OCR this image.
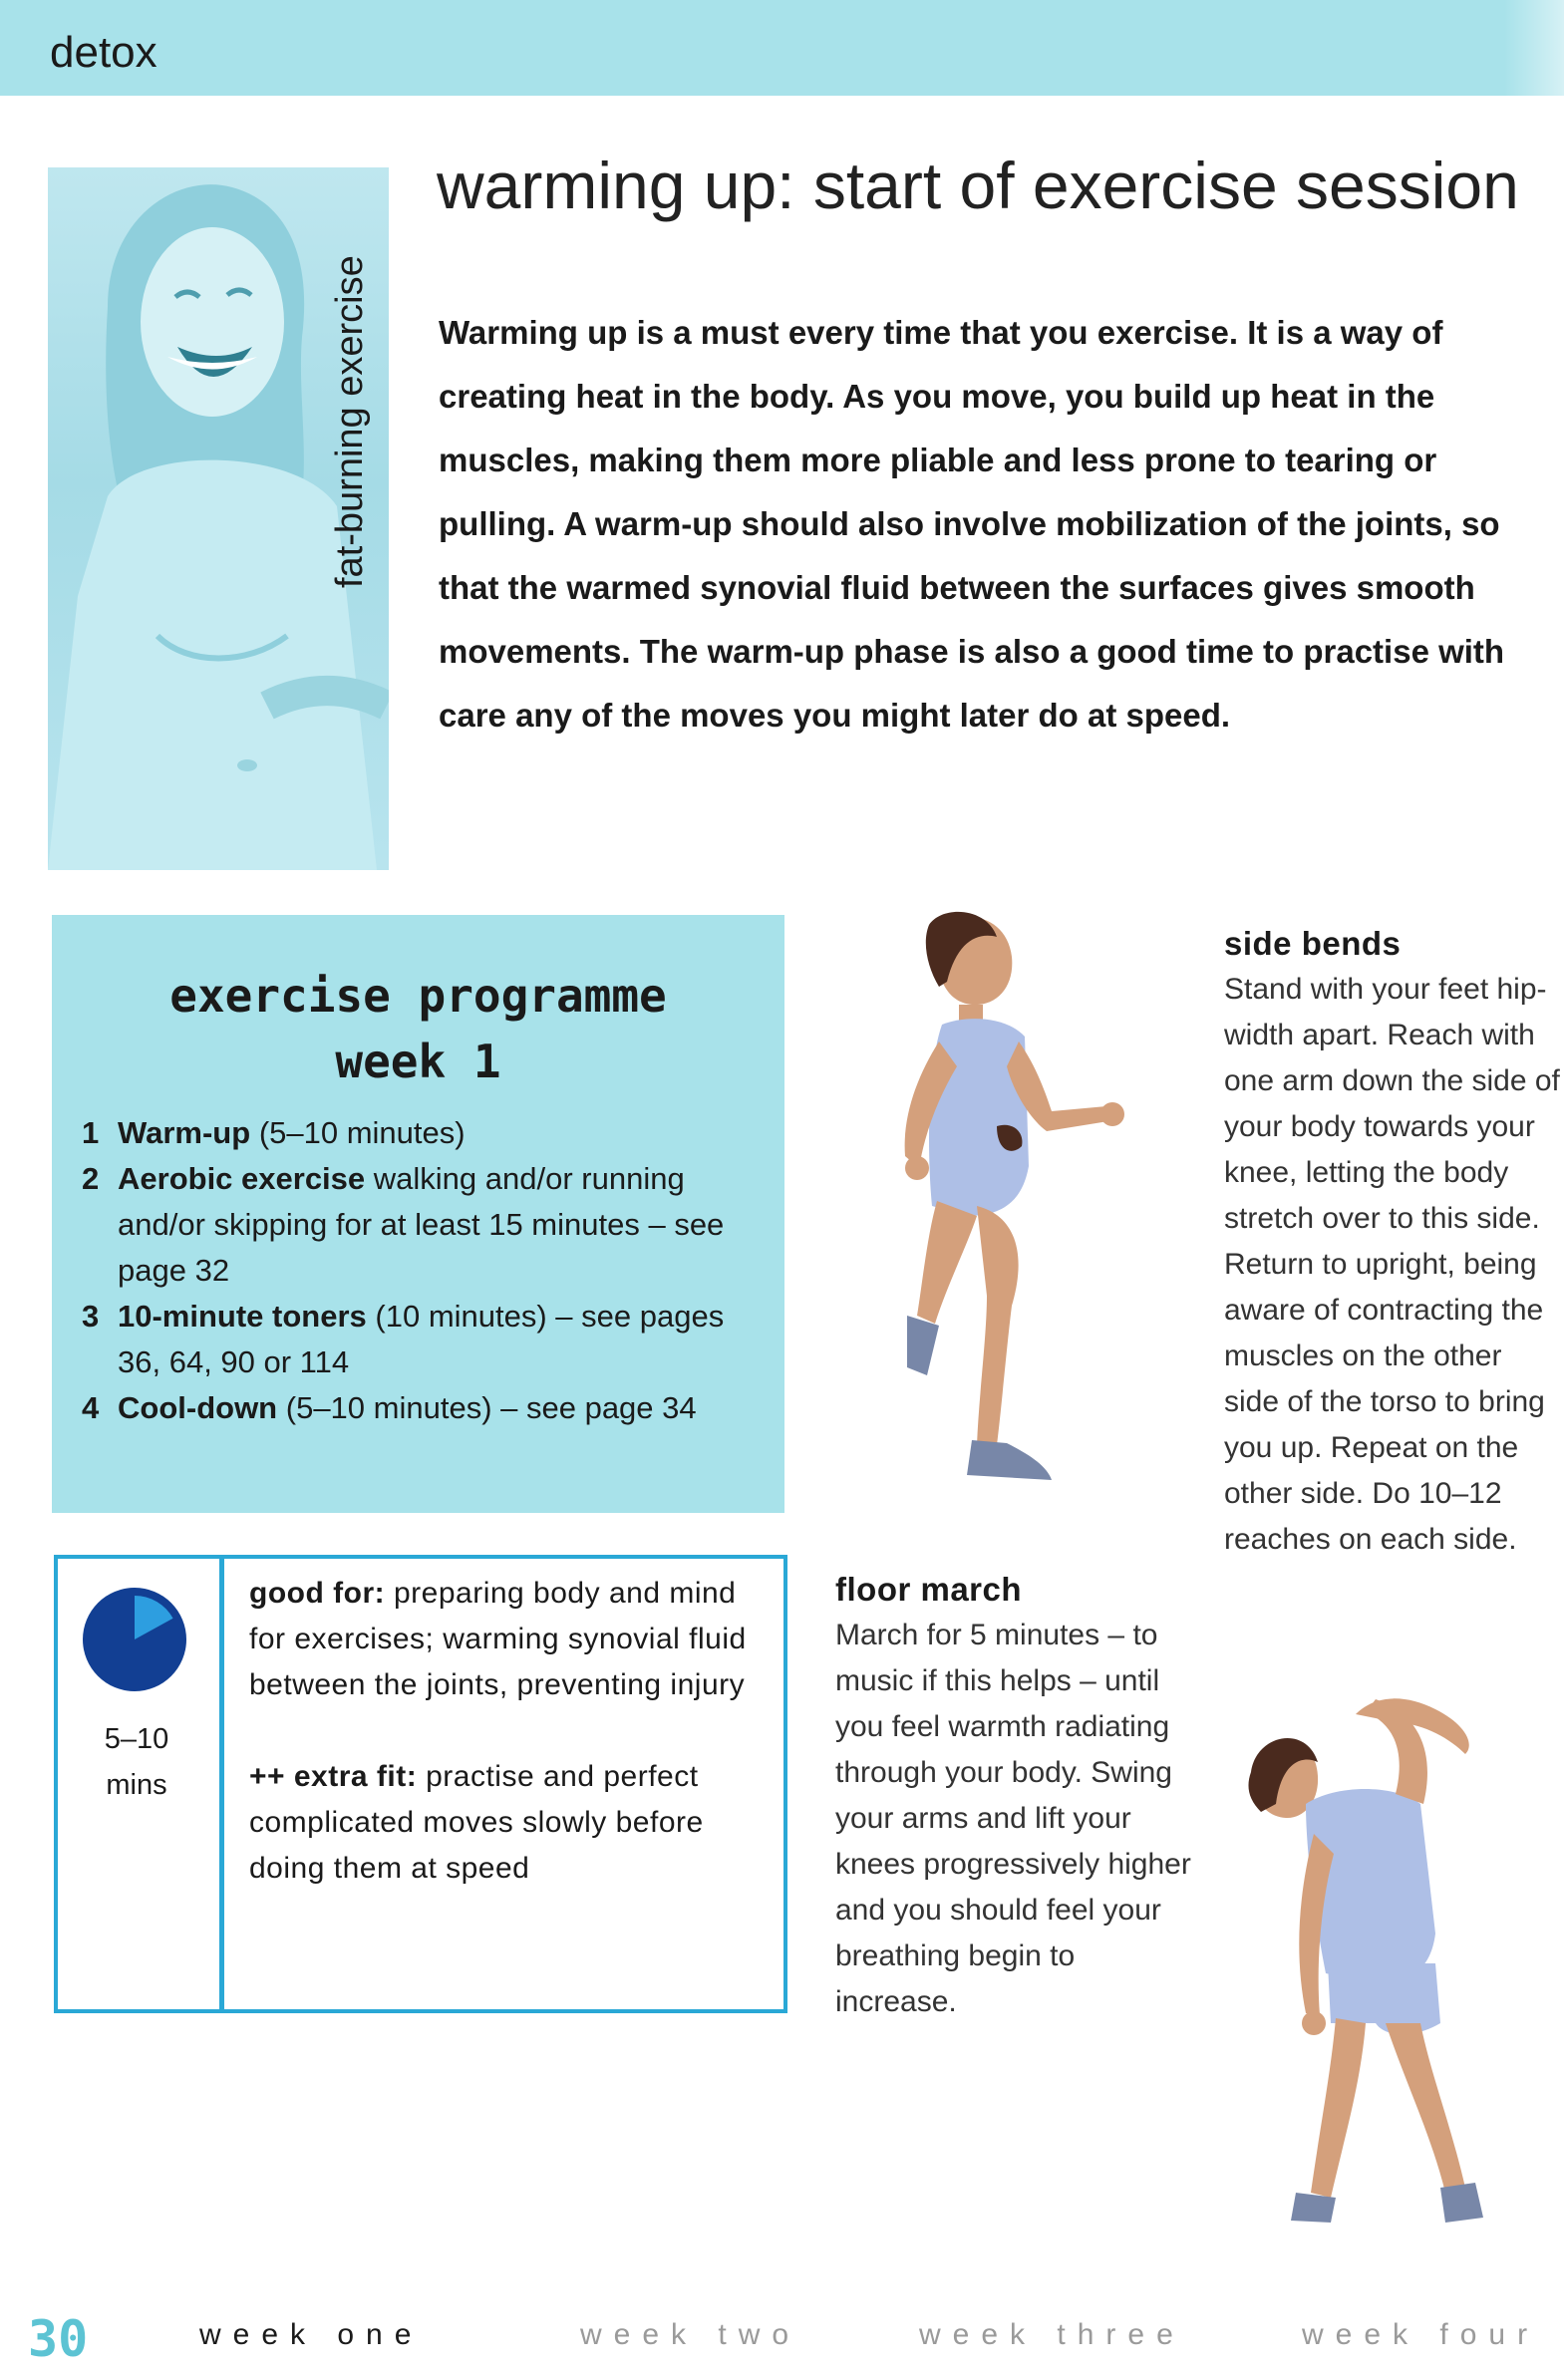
detox
fat-burning exercise
warming up: start of exercise session
Warming up is a must every time that you exercise. It is a way of creating heat in the body. As you move, you build up heat in the muscles, making them more pliable and less prone to tearing or pulling. A warm-up should also involve mobilization of the joints, so that the warmed synovial fluid between the surfaces gives smooth movements. The warm-up phase is also a good time to practise with care any of the moves you might later do at speed.
exercise programme
week 1
1 Warm-up (5–10 minutes)
2 Aerobic exercise walking and/or running and/or skipping for at least 15 minutes – see page 32
3 10-minute toners (10 minutes) – see pages 36, 64, 90 or 114
4 Cool-down (5–10 minutes) – see page 34
5–10
mins
good for: preparing body and mind for exercises; warming synovial fluid between the joints, preventing injury
++ extra fit: practise and perfect complicated moves slowly before doing them at speed
floor march
March for 5 minutes – to music if this helps – until you feel warmth radiating through your body. Swing your arms and lift your knees progressively higher and you should feel your breathing begin to increase.
side bends
Stand with your feet hip-width apart. Reach with one arm down the side of your body towards your knee, letting the body stretch over to this side. Return to upright, being aware of contracting the muscles on the other side of the torso to bring you up. Repeat on the other side. Do 10–12 reaches on each side.
30	week one	week two	week three	week four
